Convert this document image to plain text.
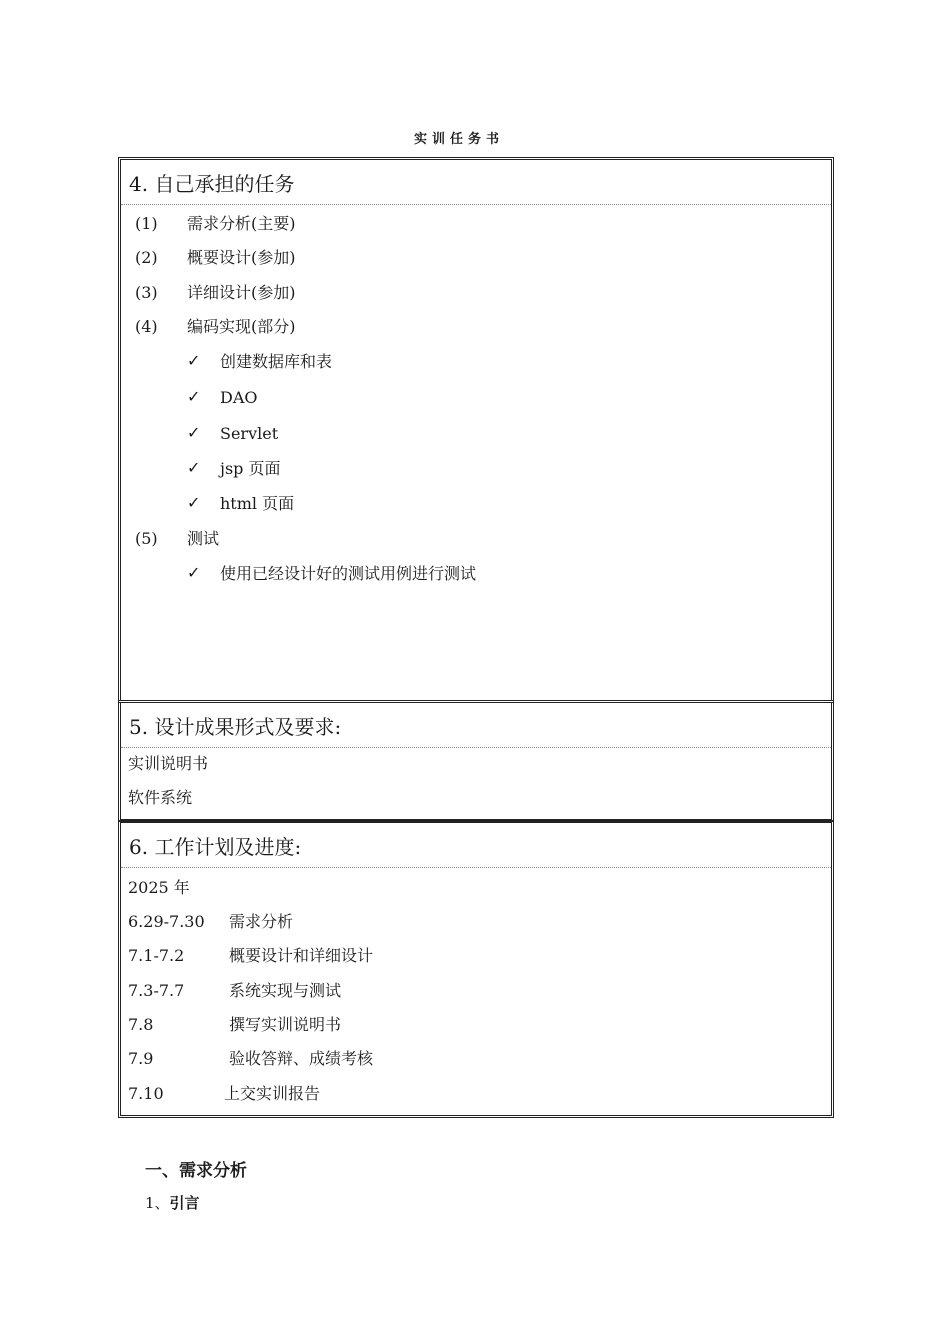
实训任务书
4. 自己承担的任务
(1) 需求分析(主要)
(2) 概要设计(参加)
(3) 详细设计(参加)
(4) 编码实现(部分)
✓ 创建数据库和表
✓ DAO
✓ Servlet
✓ jsp 页面
✓ html 页面
(5) 测试
✓ 使用已经设计好的测试用例进行测试
5. 设计成果形式及要求:
实训说明书
软件系统
6. 工作计划及进度:
2025 年
6.29-7.30 需求分析
7.1-7.2	概要设计和详细设计
7.3-7.7	系统实现与测试
7.8	撰写实训说明书
7.9	验收答辩、成绩考核
7.10	上交实训报告
一、需求分析
1、引言
